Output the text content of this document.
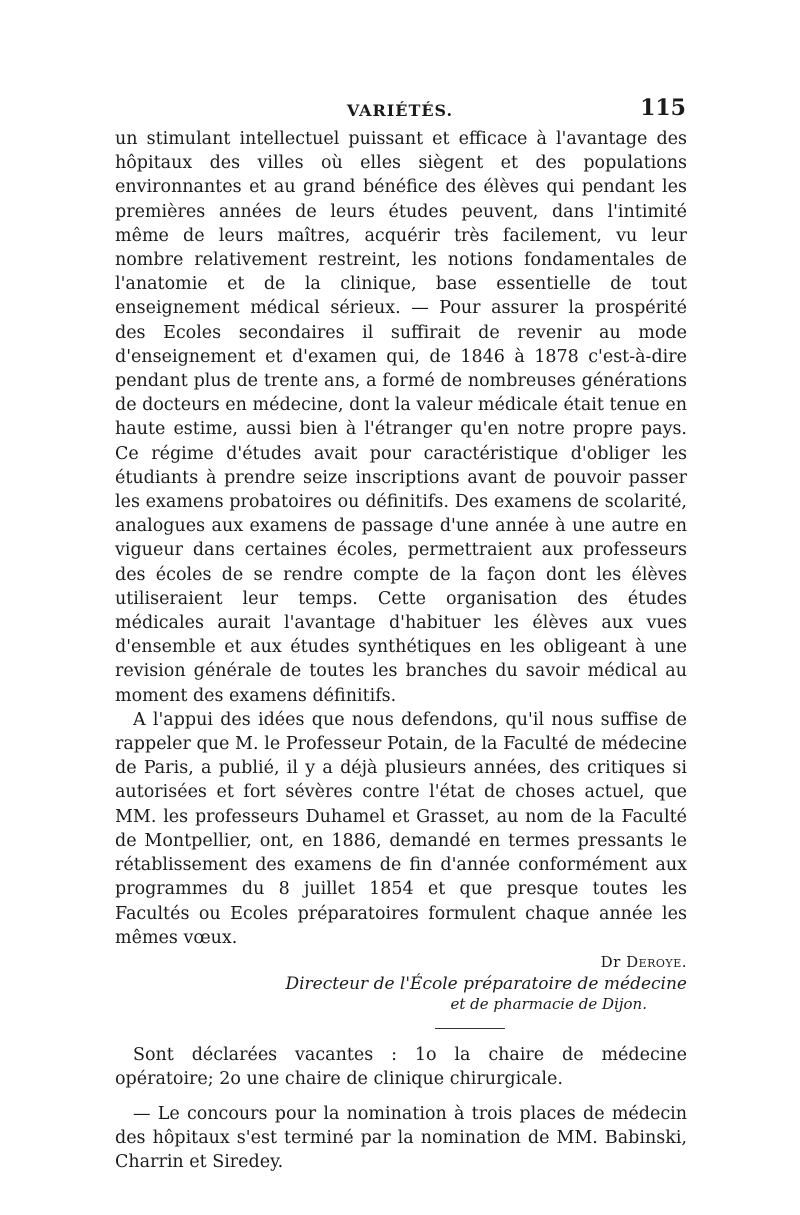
VARIÉTÉS.	115

un stimulant intellectuel puissant et efficace à l'avantage des hôpitaux des villes où elles siègent et des populations environnantes et au grand bénéfice des élèves qui pendant les premières années de leurs études peuvent, dans l'intimité même de leurs maîtres, acquérir très facilement, vu leur nombre relativement restreint, les notions fondamentales de l'anatomie et de la clinique, base essentielle de tout enseignement médical sérieux. — Pour assurer la prospérité des Ecoles secondaires il suffirait de revenir au mode d'enseignement et d'examen qui, de 1846 à 1878 c'est-à-dire pendant plus de trente ans, a formé de nombreuses générations de docteurs en médecine, dont la valeur médicale était tenue en haute estime, aussi bien à l'étranger qu'en notre propre pays. Ce régime d'études avait pour caractéristique d'obliger les étudiants à prendre seize inscriptions avant de pouvoir passer les examens probatoires ou définitifs. Des examens de scolarité, analogues aux examens de passage d'une année à une autre en vigueur dans certaines écoles, permettraient aux professeurs des écoles de se rendre compte de la façon dont les élèves utiliseraient leur temps. Cette organisation des études médicales aurait l'avantage d'habituer les élèves aux vues d'ensemble et aux études synthétiques en les obligeant à une revision générale de toutes les branches du savoir médical au moment des examens définitifs.

A l'appui des idées que nous defendons, qu'il nous suffise de rappeler que M. le Professeur Potain, de la Faculté de médecine de Paris, a publié, il y a déjà plusieurs années, des critiques si autorisées et fort sévères contre l'état de choses actuel, que MM. les professeurs Duhamel et Grasset, au nom de la Faculté de Montpellier, ont, en 1886, demandé en termes pressants le rétablissement des examens de fin d'année conformément aux programmes du 8 juillet 1854 et que presque toutes les Facultés ou Ecoles préparatoires formulent chaque année les mêmes vœux.

Dr Deroye.
Directeur de l'École préparatoire de médecine
et de pharmacie de Dijon.

Sont déclarées vacantes : 1o la chaire de médecine opératoire; 2o une chaire de clinique chirurgicale.

— Le concours pour la nomination à trois places de médecin des hôpitaux s'est terminé par la nomination de MM. Babinski, Charrin et Siredey.
